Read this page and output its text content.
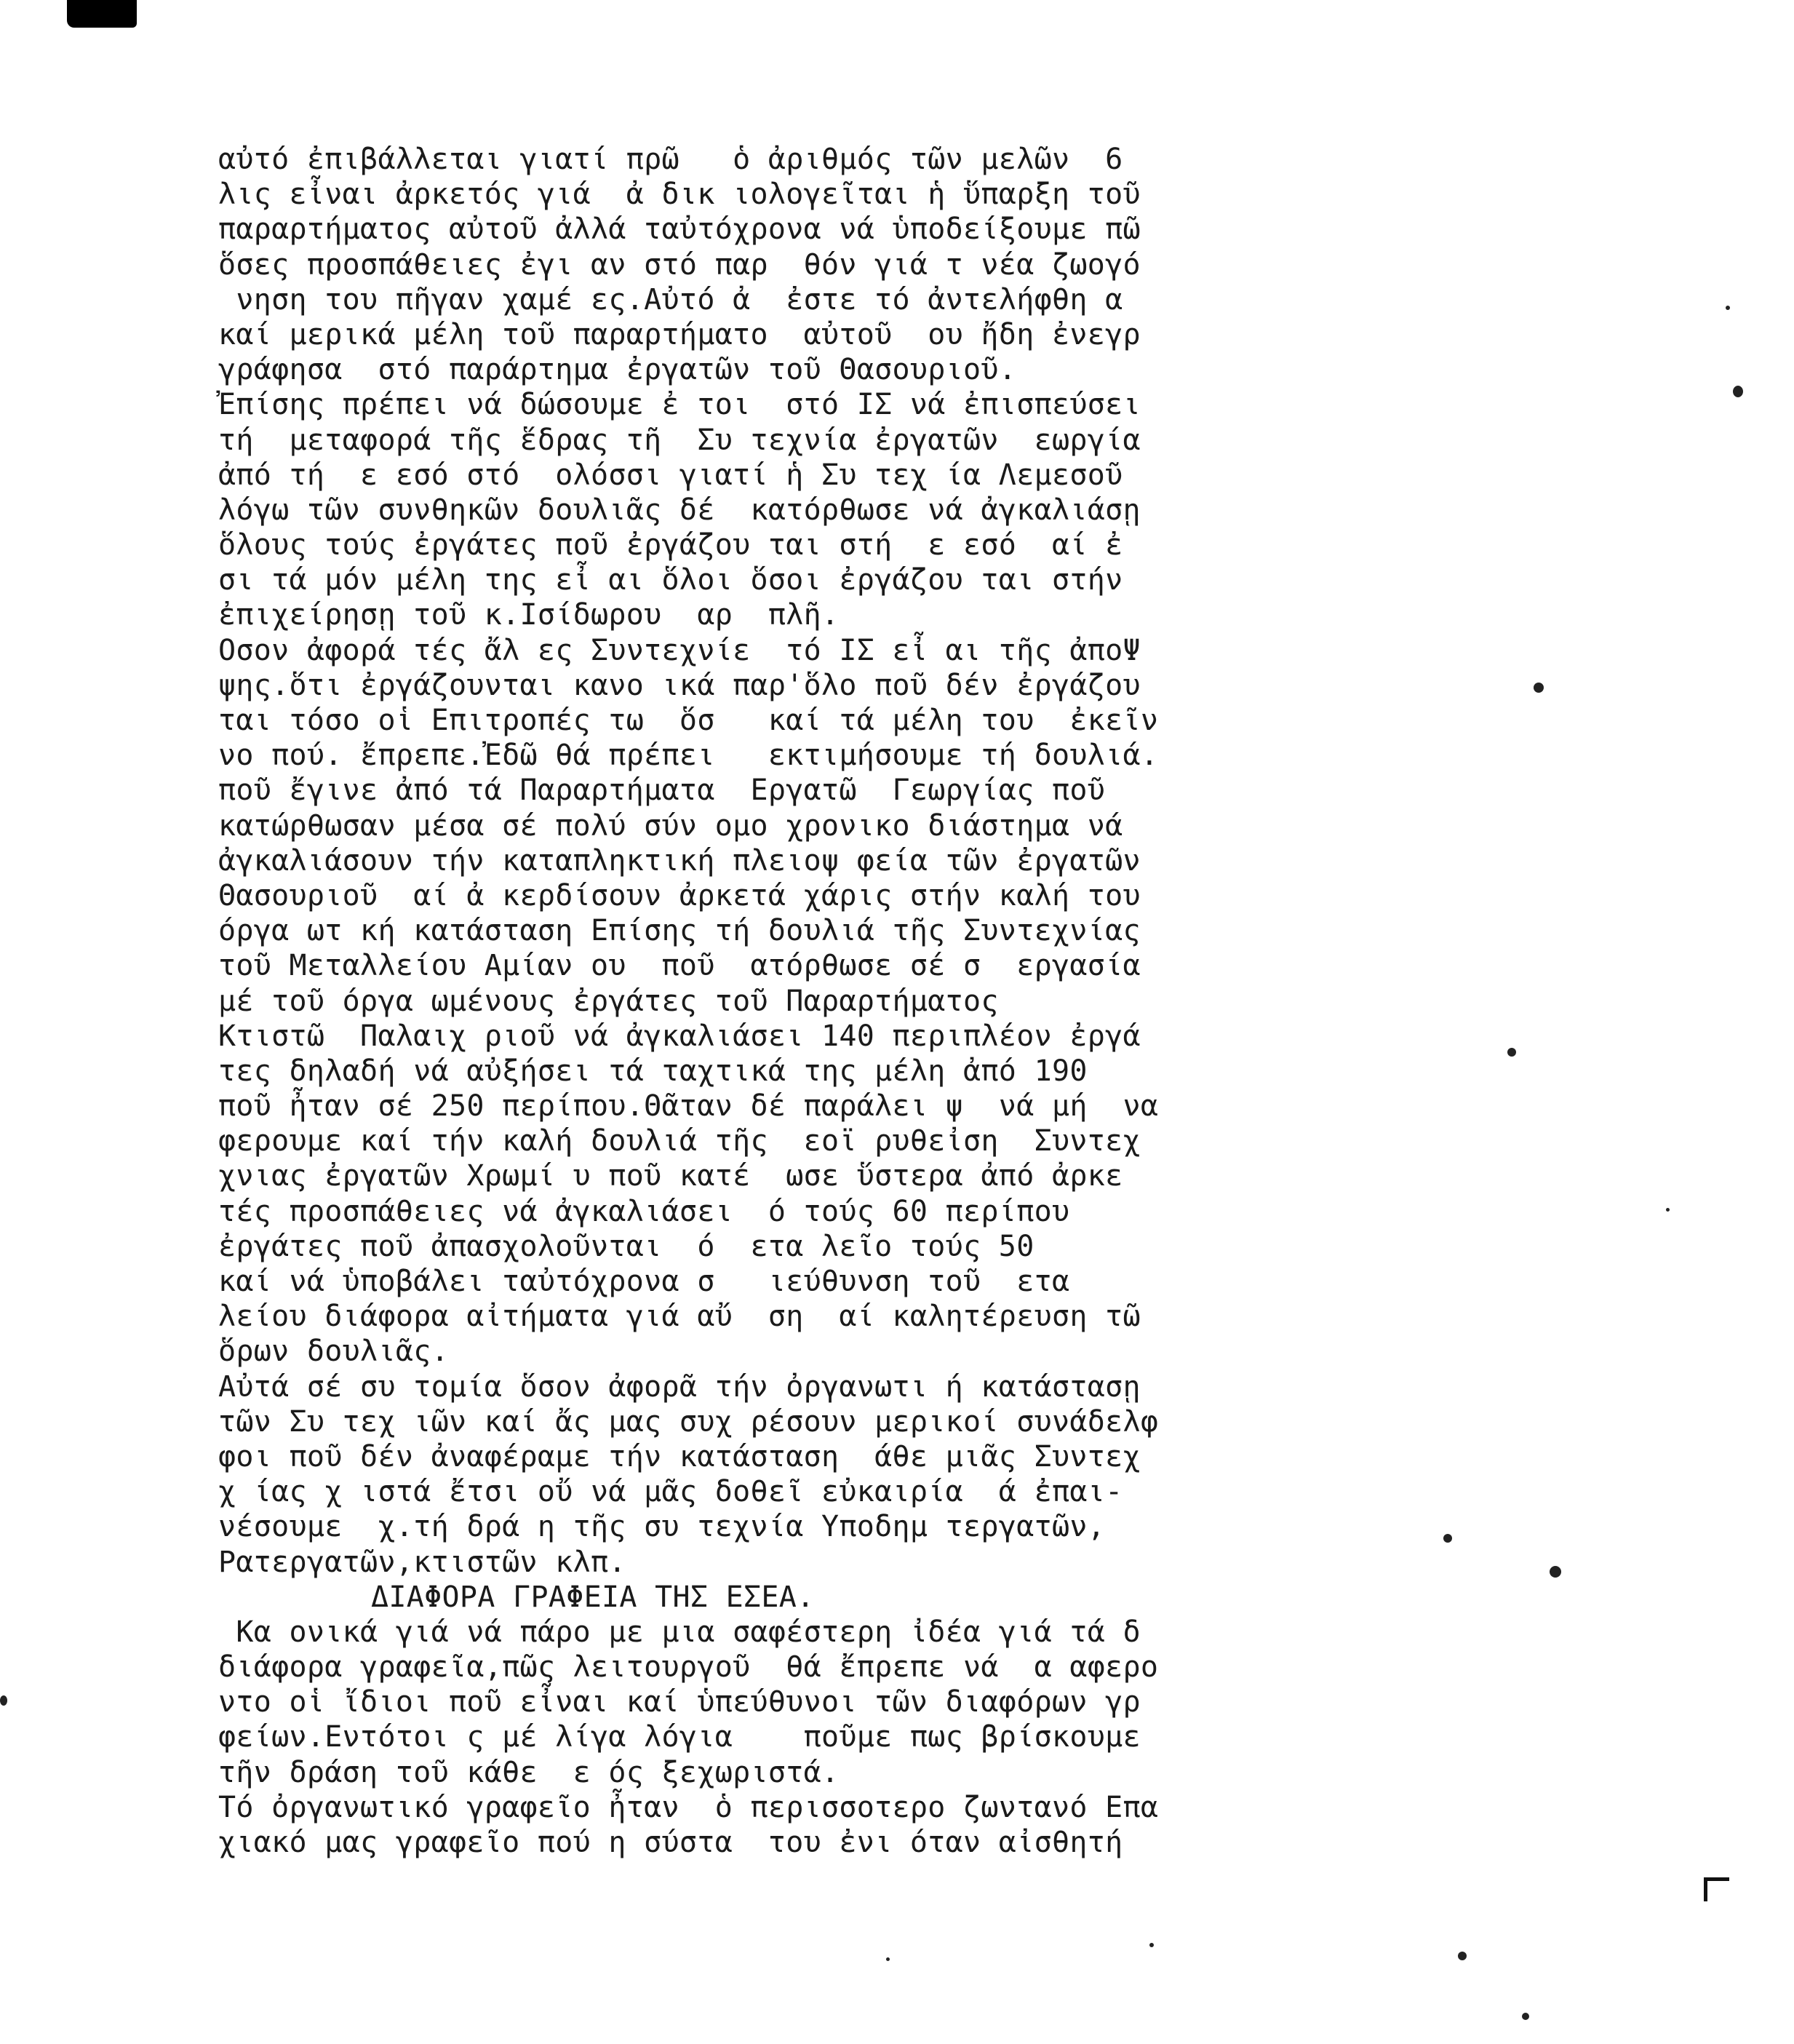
αὐτό ἐπιβάλλεται γιατί πρῶ   ὁ ἀριθμός τῶν μελῶν  6
λις εἶναι ἀρκετός γιά  ἀ δικ ιολογεῖται ἡ ὕπαρξη τοῦ
παραρτήματος αὐτοῦ ἀλλά ταὐτόχρονα νά ὑποδείξουμε πῶ
ὅσες προσπάθειες ἐγι αν στό παρ  θόν γιά τ νέα ζωογό
νηση του πῆγαν χαμέ ες.Αὐτό ἀ  ἐστε τό ἀντελήφθη α
καί μερικά μέλη τοῦ παραρτήματο  αὐτοῦ  ου ἤδη ἐνεγρ
γράφησα  στό παράρτημα ἐργατῶν τοῦ Θασουριοῦ.
Ἐπίσης πρέπει νά δώσουμε ἐ τοι  στό ΙΣ νά ἐπισπεύσει
τή  μεταφορά τῆς ἕδρας τῆ  Συ τεχνία ἐργατῶν  εωργία
ἀπό τή  ε εσό στό  ολόσσι γιατί ἡ Συ τεχ ία Λεμεσοῦ
λόγω τῶν συνθηκῶν δουλιᾶς δέ  κατόρθωσε νά ἀγκαλιάσῃ
ὅλους τούς ἐργάτες ποῦ ἐργάζου ται στή  ε εσό  αί ἐ
σι τά μόν μέλη της εἶ αι ὅλοι ὅσοι ἐργάζου ται στήν
ἐπιχείρησῃ τοῦ κ.Ισίδωρου  αρ  πλῆ.
Οσον ἀφορά τές ἄλ ες Συντεχνίε  τό ΙΣ εἶ αι τῆς ἀποΨ
ψης.ὅτι ἐργάζουνται κανο ικά παρ'ὅλο ποῦ δέν ἐργάζου
ται τόσο οἱ Επιτροπές τω  ὅσ   καί τά μέλη του  ἐκεῖν
νο πού. ἔπρεπε.Ἐδῶ θά πρέπει   εκτιμήσουμε τή δουλιά.
ποῦ ἔγινε ἀπό τά Παραρτήματα  Εργατῶ  Γεωργίας ποῦ
κατώρθωσαν μέσα σέ πολύ σύν ομο χρονικο διάστημα νά
ἀγκαλιάσουν τήν καταπληκτική πλειοψ φεία τῶν ἐργατῶν
Θασουριοῦ  αί ἀ κερδίσουν ἀρκετά χάρις στήν καλή του
όργα ωτ κή κατάσταση Επίσης τή δουλιά τῆς Συντεχνίας
τοῦ Μεταλλείου Αμίαν ου  ποῦ  ατόρθωσε σέ σ  εργασία
μέ τοῦ όργα ωμένους ἐργάτες τοῦ Παραρτήματος
Κτιστῶ  Παλαιχ ριοῦ νά ἀγκαλιάσει 140 περιπλέον ἐργά
τες δηλαδή νά αὐξήσει τά ταχτικά της μέλη ἀπό 190
ποῦ ἦταν σέ 250 περίπου.Θᾶταν δέ παράλει ψ  νά μή  να
φερουμε καί τήν καλή δουλιά τῆς  εοϊ ρυθεἰση  Συντεχ
χνιας ἐργατῶν Χρωμί υ ποῦ κατέ  ωσε ὕστερα ἀπό ἀρκε
τές προσπάθειες νά ἀγκαλιάσει  ό τούς 60 περίπου
ἐργάτες ποῦ ἀπασχολοῦνται  ό  ετα λεῖο τούς 50
καί νά ὑποβάλει ταὐτόχρονα σ   ιεύθυνση τοῦ  ετα
λείου διάφορα αἰτήματα γιά αὔ  ση  αί καλητέρευση τῶ
ὅρων δουλιᾶς.
Αὐτά σέ συ τομία ὅσον ἀφορᾶ τήν ὀργανωτι ή κατάστασῃ
τῶν Συ τεχ ιῶν καί ἄς μας συχ ρέσουν μερικοί συνάδελφ
φοι ποῦ δέν ἀναφέραμε τήν κατάσταση  άθε μιᾶς Συντεχ
χ ίας χ ιστά ἔτσι οὔ νά μᾶς δοθεῖ εὐκαιρία  ά ἐπαι-
νέσουμε  χ.τή δρά η τῆς συ τεχνία Υποδημ τεργατῶν,
Ρατεργατῶν,κτιστῶν κλπ.
ΔΙΑΦΟΡΑ ΓΡΑΦΕΙΑ ΤΗΣ ΕΣΕΑ.
Κα ονικά γιά νά πάρο με μια σαφέστερη ἰδέα γιά τά δ
διάφορα γραφεῖα,πῶς λειτουργοῦ  θά ἔπρεπε νά  α αφερο
ντο οἱ ἴδιοι ποῦ εἶναι καί ὑπεύθυνοι τῶν διαφόρων γρ
φείων.Εντότοι ς μέ λίγα λόγια    ποῦμε πως βρίσκουμε
τῆν δράση τοῦ κάθε  ε ός ξεχωριστά.
Τό ὀργανωτικό γραφεῖο ἦταν  ὁ περισσοτερο ζωντανό Επα
χιακό μας γραφεῖο πού η σύστα  του ἐνι όταν αἰσθητή
